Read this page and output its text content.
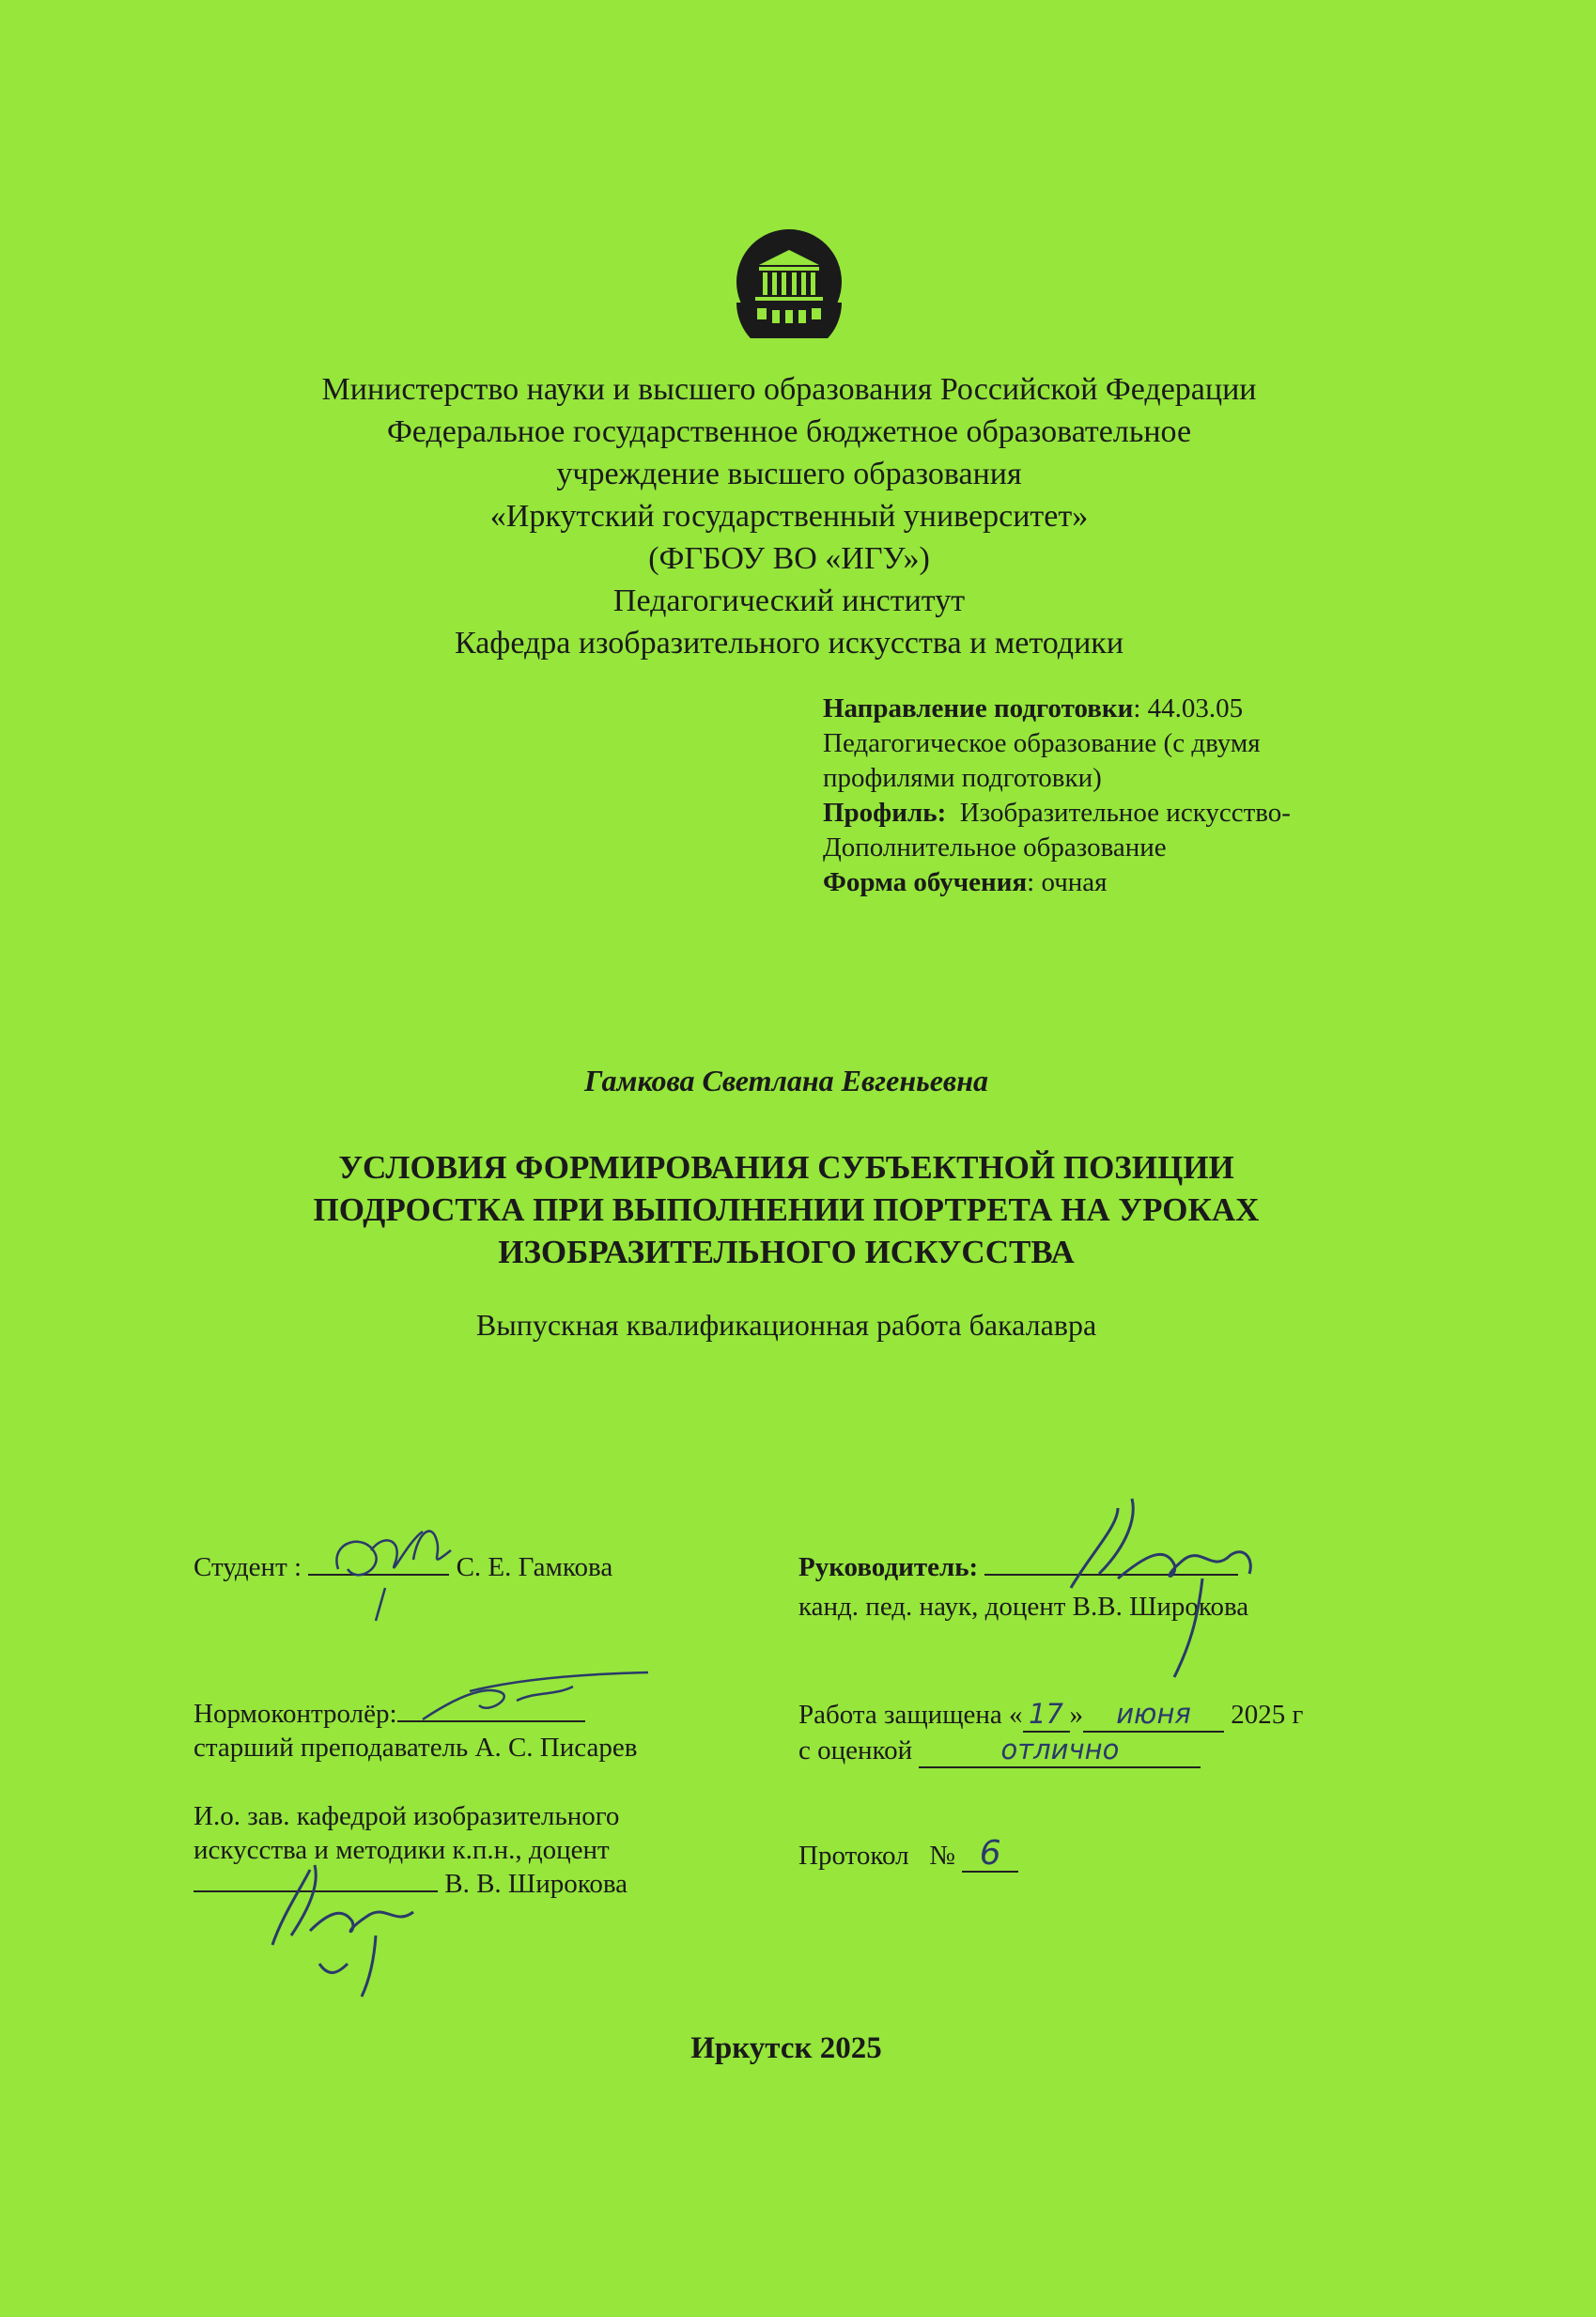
Министерство науки и высшего образования Российской Федерации
Федеральное государственное бюджетное образовательное
учреждение высшего образования
«Иркутский государственный университет»
(ФГБОУ ВО «ИГУ»)
Педагогический институт
Кафедра изобразительного искусства и методики
Направление подготовки: 44.03.05
Педагогическое образование (с двумя
профилями подготовки)
Профиль:  Изобразительное искусство-
Дополнительное образование
Форма обучения: очная
Гамкова Светлана Евгеньевна
УСЛОВИЯ ФОРМИРОВАНИЯ СУБЪЕКТНОЙ ПОЗИЦИИ
ПОДРОСТКА ПРИ ВЫПОЛНЕНИИ ПОРТРЕТА НА УРОКАХ
ИЗОБРАЗИТЕЛЬНОГО ИСКУССТВА
Выпускная квалификационная работа бакалавра
Студент :	С. Е. Гамкова	Руководитель:
канд. пед. наук, доцент В.В. Широкова
Нормоконтролёр:
старший преподаватель А. С. Писарев
Работа защищена « 17 » июня 2025 г
с оценкой	отлично
И.о. зав. кафедрой изобразительного
искусства и методики к.п.н., доцент
В. В. Широкова
Протокол   № 6
Иркутск 2025
